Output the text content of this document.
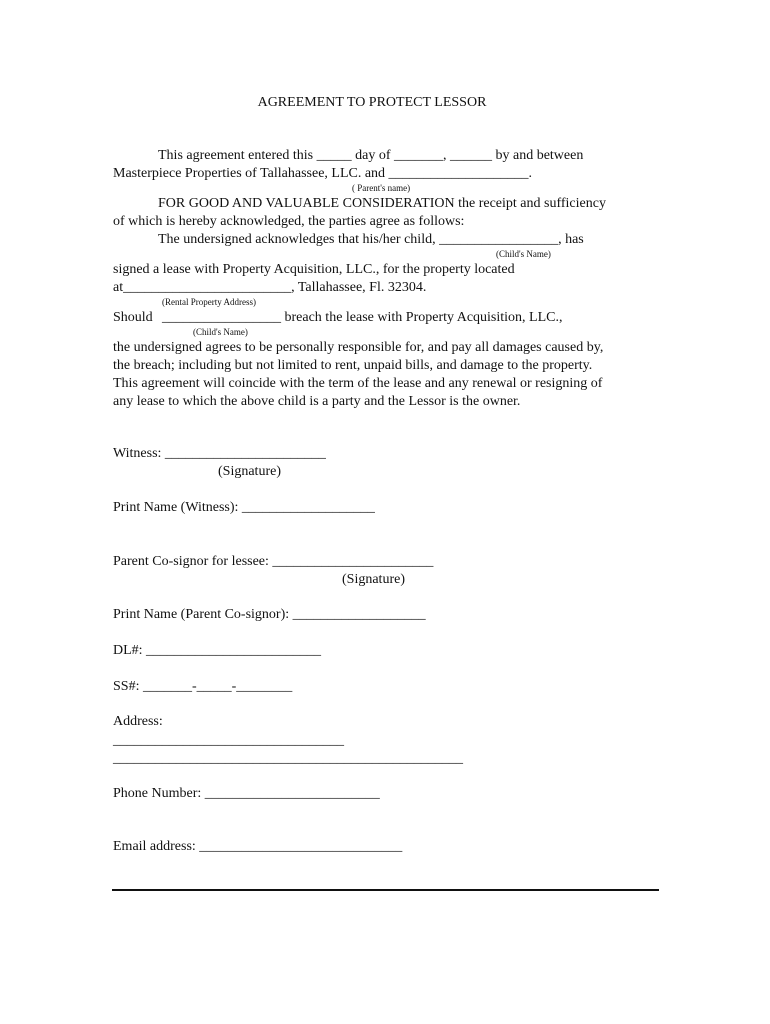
AGREEMENT TO PROTECT LESSOR
This agreement entered this _____ day of _______, ______ by and between
Masterpiece Properties of Tallahassee, LLC. and ____________________.
( Parent's name)
FOR GOOD AND VALUABLE CONSIDERATION the receipt and sufficiency
of which is hereby acknowledged, the parties agree as follows:
The undersigned acknowledges that his/her child, _________________, has
(Child's Name)
signed a lease with Property Acquisition, LLC., for the property located
at________________________, Tallahassee, Fl. 32304.
(Rental Property Address)
Should _________________ breach the lease with Property Acquisition, LLC.,
(Child's Name)
the undersigned agrees to be personally responsible for, and pay all damages caused by,
the breach; including but not limited to rent, unpaid bills, and damage to the property.
This agreement will coincide with the term of the lease and any renewal or resigning of
any lease to which the above child is a party and the Lessor is the owner.
Witness: _______________________
(Signature)
Print Name (Witness): ___________________
Parent Co-signor for lessee: _______________________
(Signature)
Print Name (Parent Co-signor): ___________________
DL#: _________________________
SS#: _______-_____-________
Address:
_________________________________
__________________________________________________
Phone Number: _________________________
Email address: _____________________________
